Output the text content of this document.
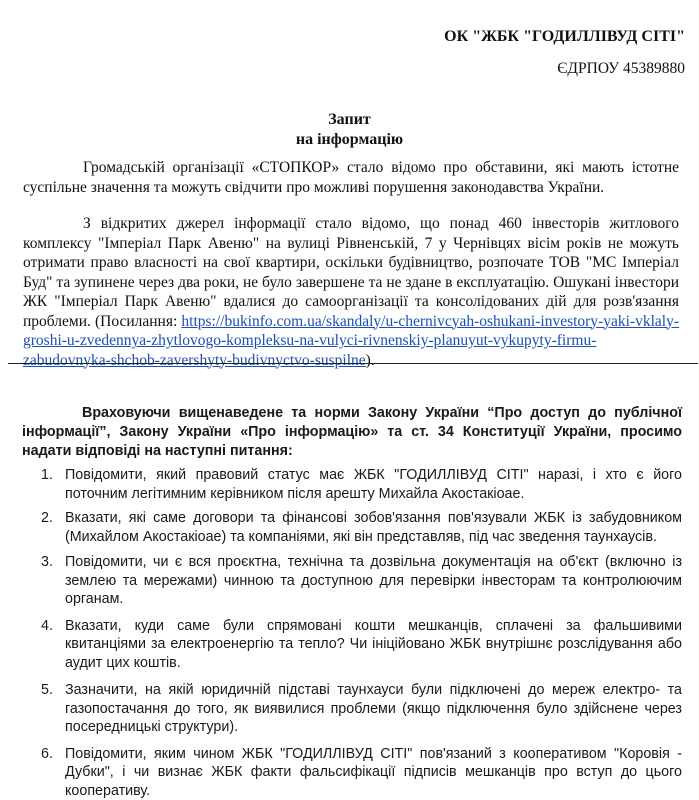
ОК "ЖБК "ГОДИЛЛІВУД СІТІ"
ЄДРПОУ 45389880
Запит
на інформацію

Громадській організації «СТОПКОР» стало відомо про обставини, які мають істотне суспільне значення та можуть свідчити про можливі порушення законодавства України.

З відкритих джерел інформації стало відомо, що понад 460 інвесторів житлового комплексу "Імперіал Парк Авеню" на вулиці Рівненській, 7 у Чернівцях вісім років не можуть отримати право власності на свої квартири, оскільки будівництво, розпочате ТОВ "МС Імперіал Буд" та зупинене через два роки, не було завершене та не здане в експлуатацію. Ошукані інвестори ЖК "Імперіал Парк Авеню" вдалися до самоорганізації та консолідованих дій для розв'язання проблеми. (Посилання: https://bukinfo.com.ua/skandaly/u-chernivcyah-oshukani-investory-yaki-vklaly-groshi-u-zvedennya-zhytlovogo-kompleksu-na-vulyci-rivnenskiy-planuyut-vykupyty-firmu-zabudovnyka-shchob-zavershyty-budivnyctvo-suspilne).

Враховуючи вищенаведене та норми Закону України “Про доступ до публічної інформації”, Закону України «Про інформацію» та ст. 34 Конституції України, просимо надати відповіді на наступні питання:

1. Повідомити, який правовий статус має ЖБК "ГОДИЛЛІВУД СІТІ" наразі, і хто є його поточним легітимним керівником після арешту Михайла Акостакіоае.
2. Вказати, які саме договори та фінансові зобов'язання пов'язували ЖБК із забудовником (Михайлом Акостакіоае) та компаніями, які він представляв, під час зведення таунхаусів.
3. Повідомити, чи є вся проєктна, технічна та дозвільна документація на об'єкт (включно із землею та мережами) чинною та доступною для перевірки інвесторам та контролюючим органам.
4. Вказати, куди саме були спрямовані кошти мешканців, сплачені за фальшивими квитанціями за електроенергію та тепло? Чи ініційовано ЖБК внутрішнє розслідування або аудит цих коштів.
5. Зазначити, на якій юридичній підставі таунхауси були підключені до мереж електро- та газопостачання до того, як виявилися проблеми (якщо підключення було здійснене через посередницькі структури).
6. Повідомити, яким чином ЖБК "ГОДИЛЛІВУД СІТІ" пов'язаний з кооперативом "Коровія - Дубки", і чи визнає ЖБК факти фальсифікації підписів мешканців про вступ до цього кооперативу.
